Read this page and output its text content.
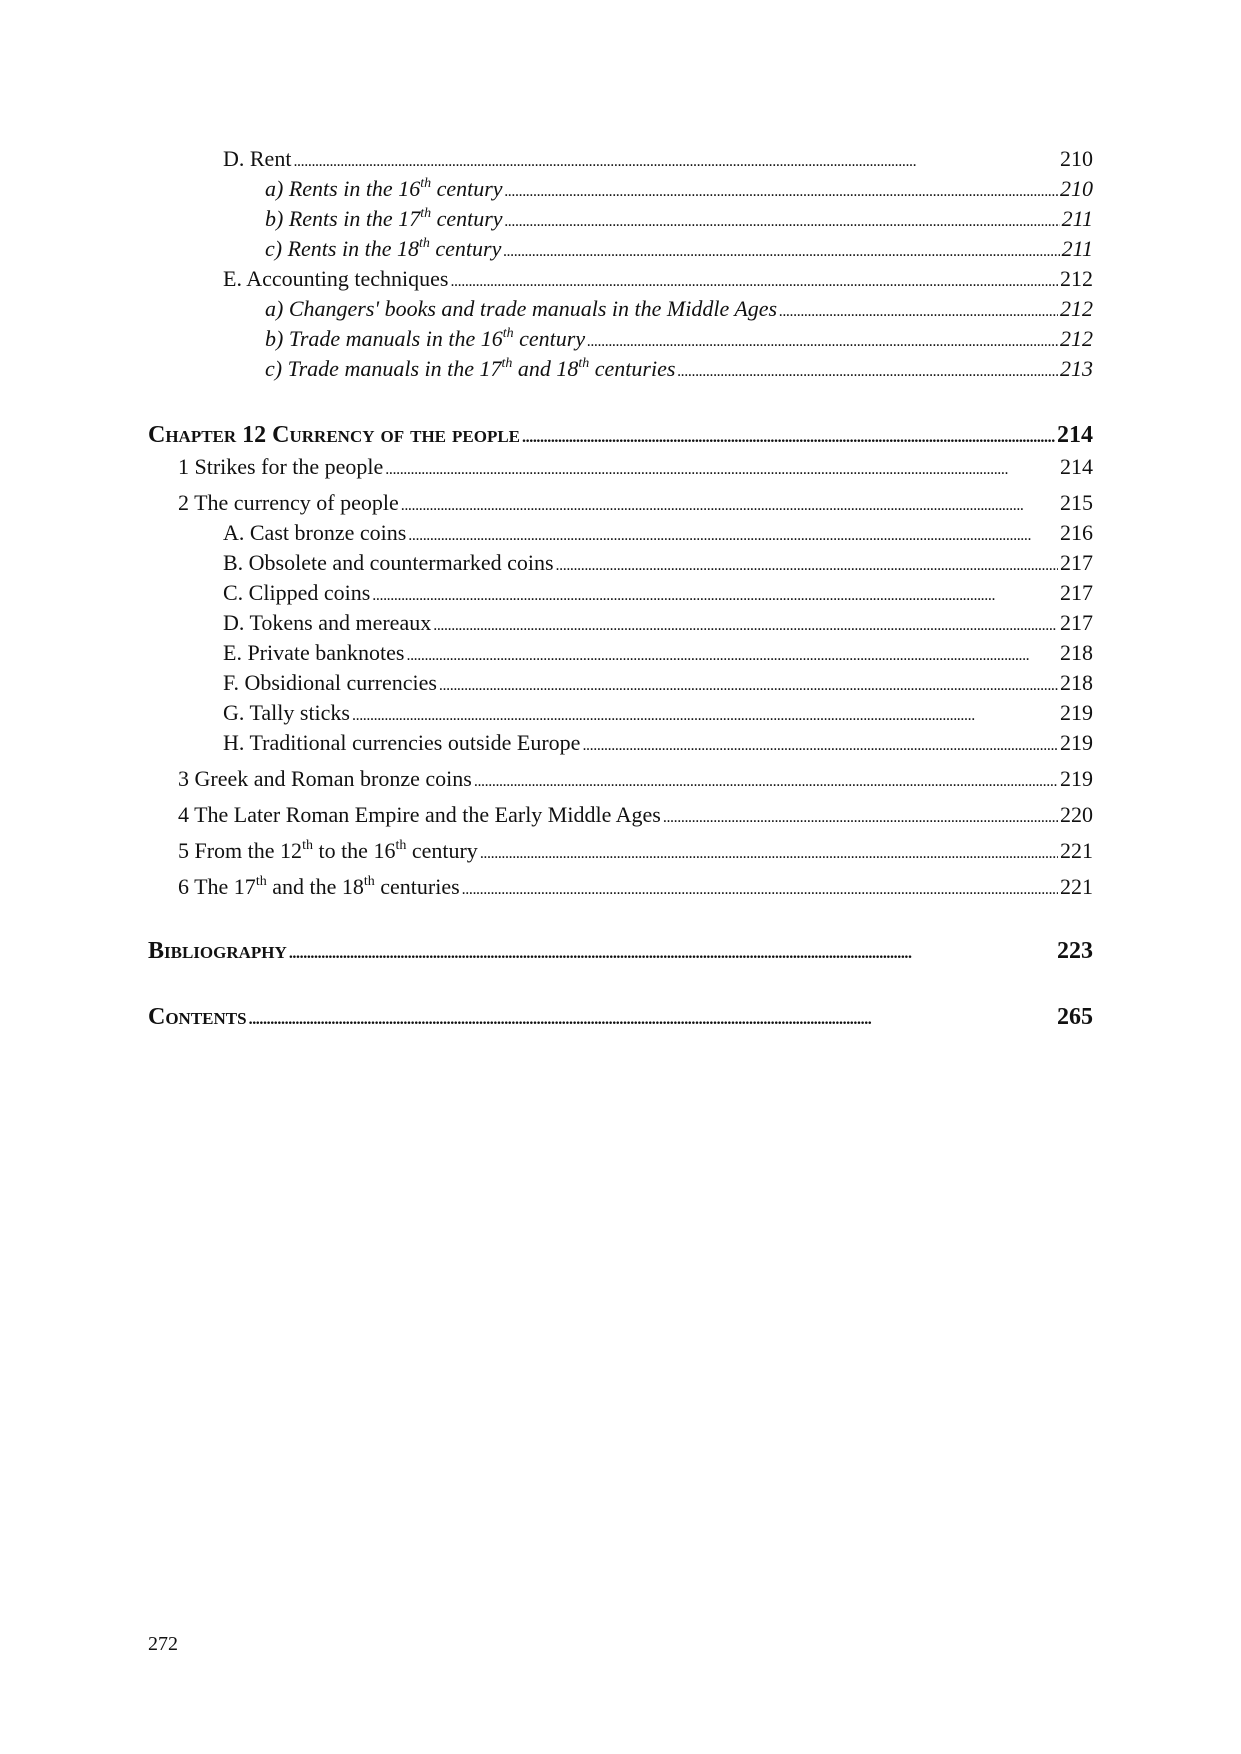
D. Rent . . .	210
a) Rents in the 16th century . . .	210
b) Rents in the 17th century . . .	211
c) Rents in the 18th century . . .	211
E. Accounting techniques . . .	212
a) Changers' books and trade manuals in the Middle Ages . . .	212
b) Trade manuals in the 16th century . . .	212
c) Trade manuals in the 17th and 18th centuries . . .	213
Chapter 12 Currency of the people . . .	214
1 Strikes for the people . . .	214
2 The currency of people . . .	215
A. Cast bronze coins . . .	216
B. Obsolete and countermarked coins . . .	217
C. Clipped coins . . .	217
D. Tokens and mereaux . . .	217
E. Private banknotes . . .	218
F. Obsidional currencies . . .	218
G. Tally sticks . . .	219
H. Traditional currencies outside Europe . . .	219
3 Greek and Roman bronze coins . . .	219
4 The Later Roman Empire and the Early Middle Ages . . .	220
5 From the 12th to the 16th century . . .	221
6 The 17th and the 18th centuries . . .	221
Bibliography . . .	223
Contents . . .	265
272
